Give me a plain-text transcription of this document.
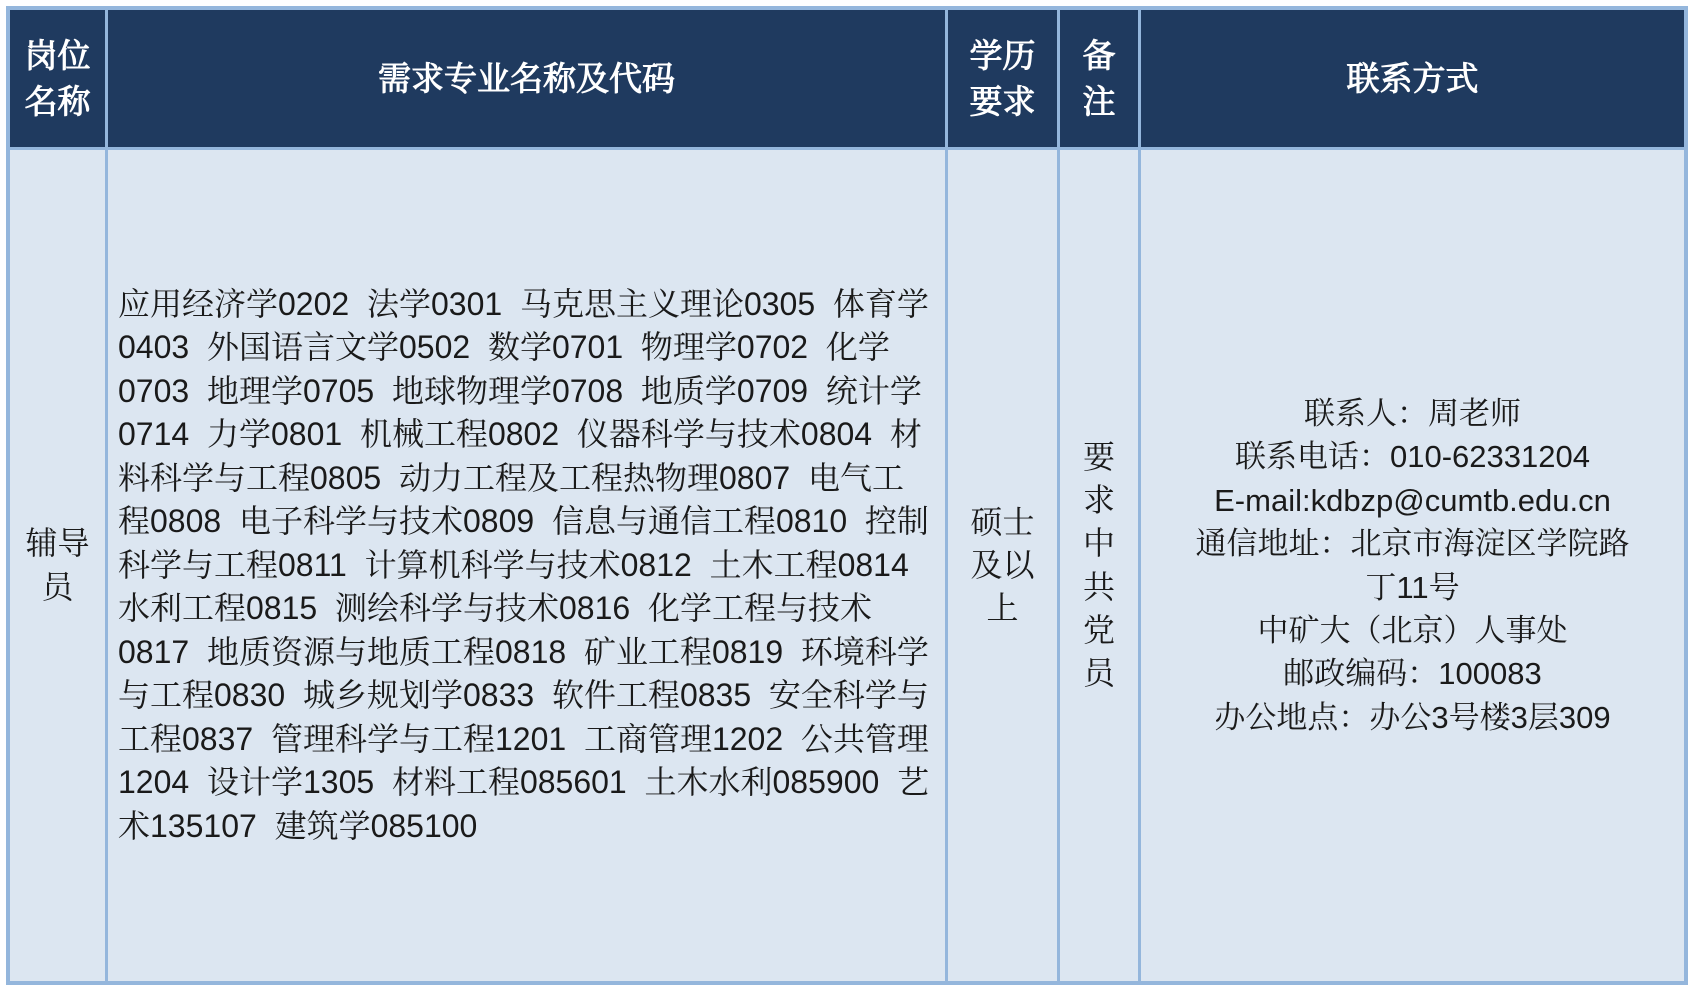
岗位名称
需求专业名称及代码
学历要求
备注
联系方式
辅导员
应用经济学0202  法学0301  马克思主义理论0305  体育学0403  外国语言文学0502  数学0701  物理学0702  化学0703  地理学0705  地球物理学0708  地质学0709  统计学0714  力学0801  机械工程0802  仪器科学与技术0804  材料科学与工程0805  动力工程及工程热物理0807  电气工程0808  电子科学与技术0809  信息与通信工程0810  控制科学与工程0811  计算机科学与技术0812  土木工程0814  水利工程0815  测绘科学与技术0816  化学工程与技术0817  地质资源与地质工程0818  矿业工程0819  环境科学与工程0830  城乡规划学0833  软件工程0835  安全科学与工程0837  管理科学与工程1201  工商管理1202  公共管理1204  设计学1305  材料工程085601  土木水利085900  艺术135107  建筑学085100
硕士及以上
要求中共党员
联系人：周老师
联系电话：010-62331204
E-mail:kdbzp@cumtb.edu.cn
通信地址：北京市海淀区学院路
丁11号
中矿大（北京）人事处
邮政编码：100083
办公地点：办公3号楼3层309
